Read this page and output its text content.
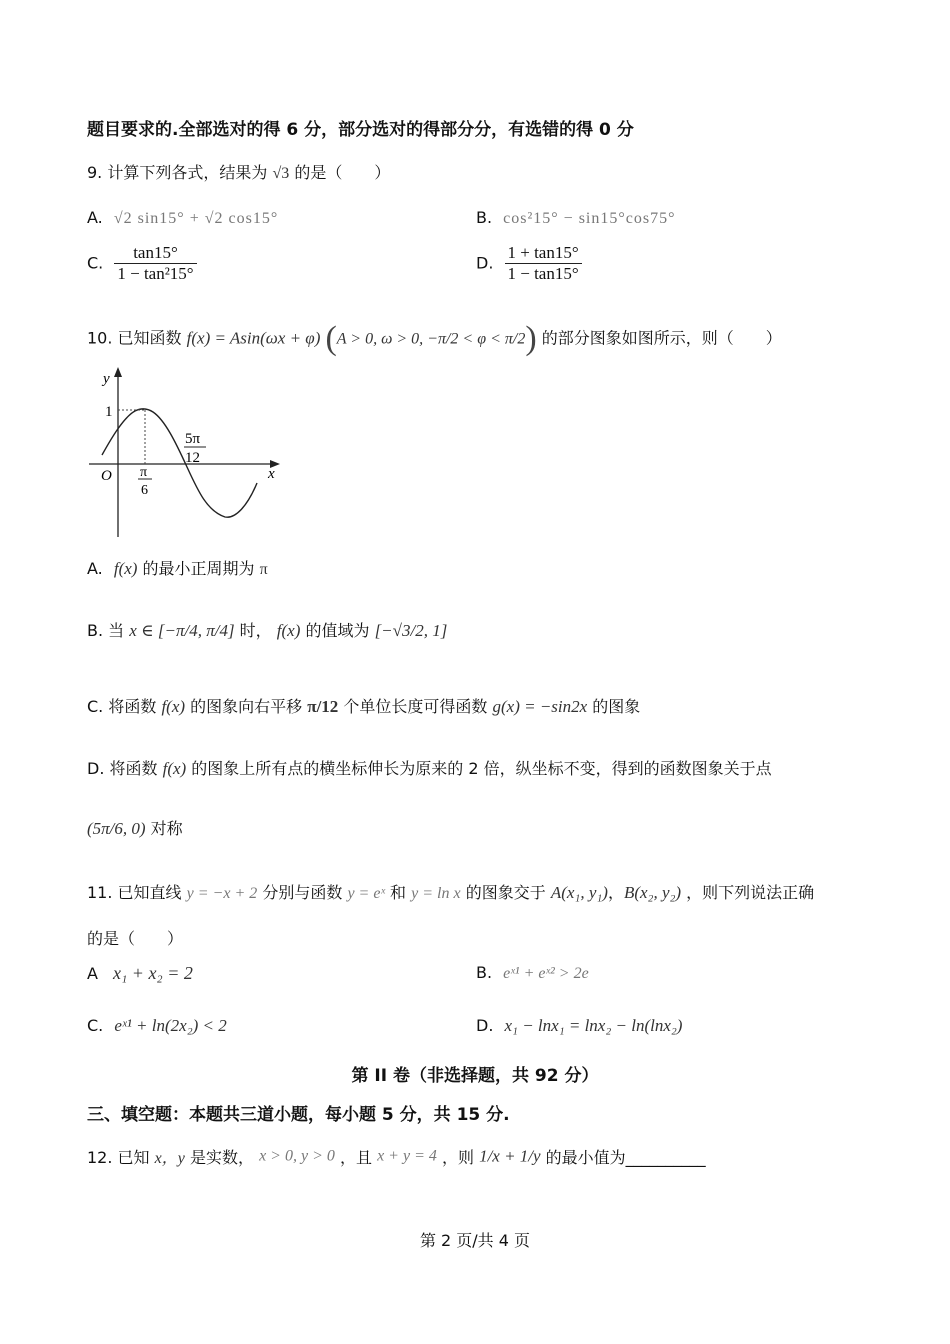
题目要求的.全部选对的得 6 分，部分选对的得部分分，有选错的得 0 分
9. 计算下列各式，结果为 √3 的是（　　）
A. √2 sin15° + √2 cos15°	B. cos²15° − sin15°cos75°
C. $\frac{\tan 15^\circ}{\text{1 − tan²15°}}$	D. $\frac{1 + \tan 15^\circ}{1 - \tan 15^\circ}$
10. 已知函数 f(x) = Asin(ωx + φ) (A > 0, ω > 0, −π/2 < φ < π/2) 的部分图象如图所示，则（　　）
y
x
O
1
π
6
5π
12
A. f(x) 的最小正周期为 π
B. 当 x ∈ [−π/4, π/4] 时， f(x) 的值域为 [−√3/2, 1]
C. 将函数 f(x) 的图象向右平移 π/12 个单位长度可得函数 g(x) = −sin2x 的图象
D. 将函数 f(x) 的图象上所有点的横坐标伸长为原来的 2 倍，纵坐标不变，得到的函数图象关于点
(5π/6, 0) 对称
11. 已知直线 y = −x + 2 分别与函数 y = eˣ 和 y = ln x 的图象交于 A(x₁, y₁)，B(x₂, y₂) ，则下列说法正确
的是（　　）
A x₁ + x₂ = 2	B. eˣ¹ + eˣ² > 2e
C. eˣ¹ + ln(2x₂) < 2	D. x₁ − lnx₁ = lnx₂ − ln(lnx₂)
第 II 卷（非选择题，共 92 分）
三、填空题：本题共三道小题，每小题 5 分，共 15 分.
12. 已知 x，y 是实数， x > 0, y > 0 ，且 x + y = 4 ，则 1/x + 1/y 的最小值为__________
第 2 页/共 4 页
